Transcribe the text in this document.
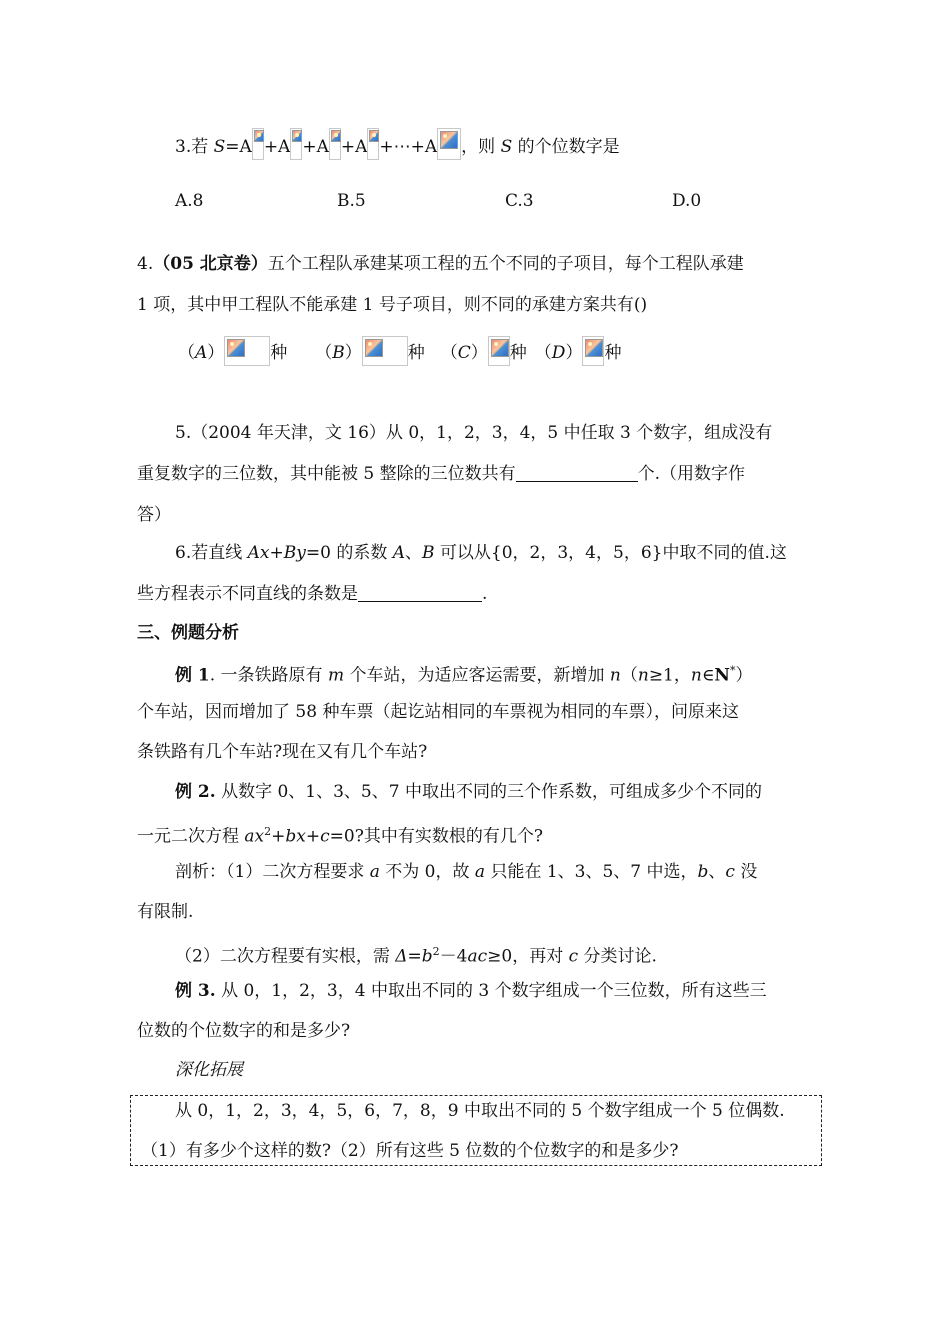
3.若 S=A +A +A +A +⋯+A ，则 S 的个位数字是
A.8	B.5	C.3	D.0
4.（05 北京卷）五个工程队承建某项工程的五个不同的子项目，每个工程队承建
1 项，其中甲工程队不能承建 1 号子项目，则不同的承建方案共有()
（A）	种 （B）	种 （C） 种 （D） 种
5.（2004 年天津，文 16）从 0，1，2，3，4，5 中任取 3 个数字，组成没有
重复数字的三位数，其中能被 5 整除的三位数共有	个.（用数字作
答）
6.若直线 Ax+By=0 的系数 A、B 可以从{0，2，3，4，5，6}中取不同的值.这
些方程表示不同直线的条数是	.
三、例题分析
例 1. 一条铁路原有 m 个车站，为适应客运需要，新增加 n（n≥1，n∈N*）
个车站，因而增加了 58 种车票（起讫站相同的车票视为相同的车票），问原来这
条铁路有几个车站?现在又有几个车站?
例 2. 从数字 0、1、3、5、7 中取出不同的三个作系数，可组成多少个不同的
一元二次方程 $ax^2+bx+c=0$?其中有实数根的有几个?
剖析：（1）二次方程要求 a 不为 0，故 a 只能在 1、3、5、7 中选，b、c 没
有限制.
（2）二次方程要有实根，需 $\Delta=b^2-4ac\ge 0$，再对 c 分类讨论.
例 3. 从 0，1，2，3，4 中取出不同的 3 个数字组成一个三位数，所有这些三
位数的个位数字的和是多少?
深化拓展
从 0，1，2，3，4，5，6，7，8，9 中取出不同的 5 个数字组成一个 5 位偶数.
（1）有多少个这样的数?（2）所有这些 5 位数的个位数字的和是多少?
